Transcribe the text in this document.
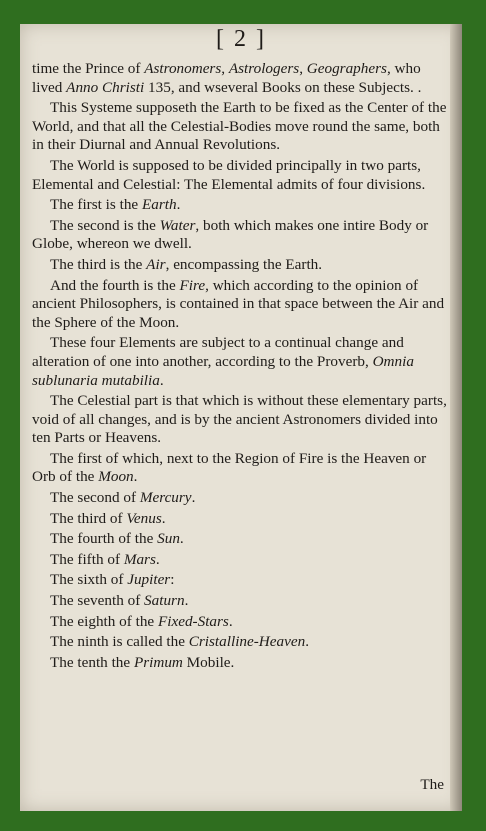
[ 2 ]

time the Prince of Astronomers, Astrologers, Geographers, who lived Anno Christi 135, and wseveral Books on these Subjects. .

This Systeme supposeth the Earth to be fixed as the Center of the World, and that all the Celestial-Bodies move round the same, both in their Diurnal and Annual Revolutions.

The World is supposed to be divided principally in two parts, Elemental and Celestial: The Elemental admits of four divisions.

The first is the Earth.

The second is the Water, both which makes one intire Body or Globe, whereon we dwell.

The third is the Air, encompassing the Earth.

And the fourth is the Fire, which according to the opinion of ancient Philosophers, is contained in that space between the Air and the Sphere of the Moon.

These four Elements are subject to a continual change and alteration of one into another, according to the Proverb, Omnia sublunaria mutabilia.

The Celestial part is that which is without these elementary parts, void of all changes, and is by the ancient Astronomers divided into ten Parts or Heavens.

The first of which, next to the Region of Fire is the Heaven or Orb of the Moon.

The second of Mercury.

The third of Venus.

The fourth of the Sun.

The fifth of Mars.

The sixth of Jupiter:

The seventh of Saturn.

The eighth of the Fixed-Stars.

The ninth is called the Cristalline-Heaven.

The tenth the Primum Mobile.

The
